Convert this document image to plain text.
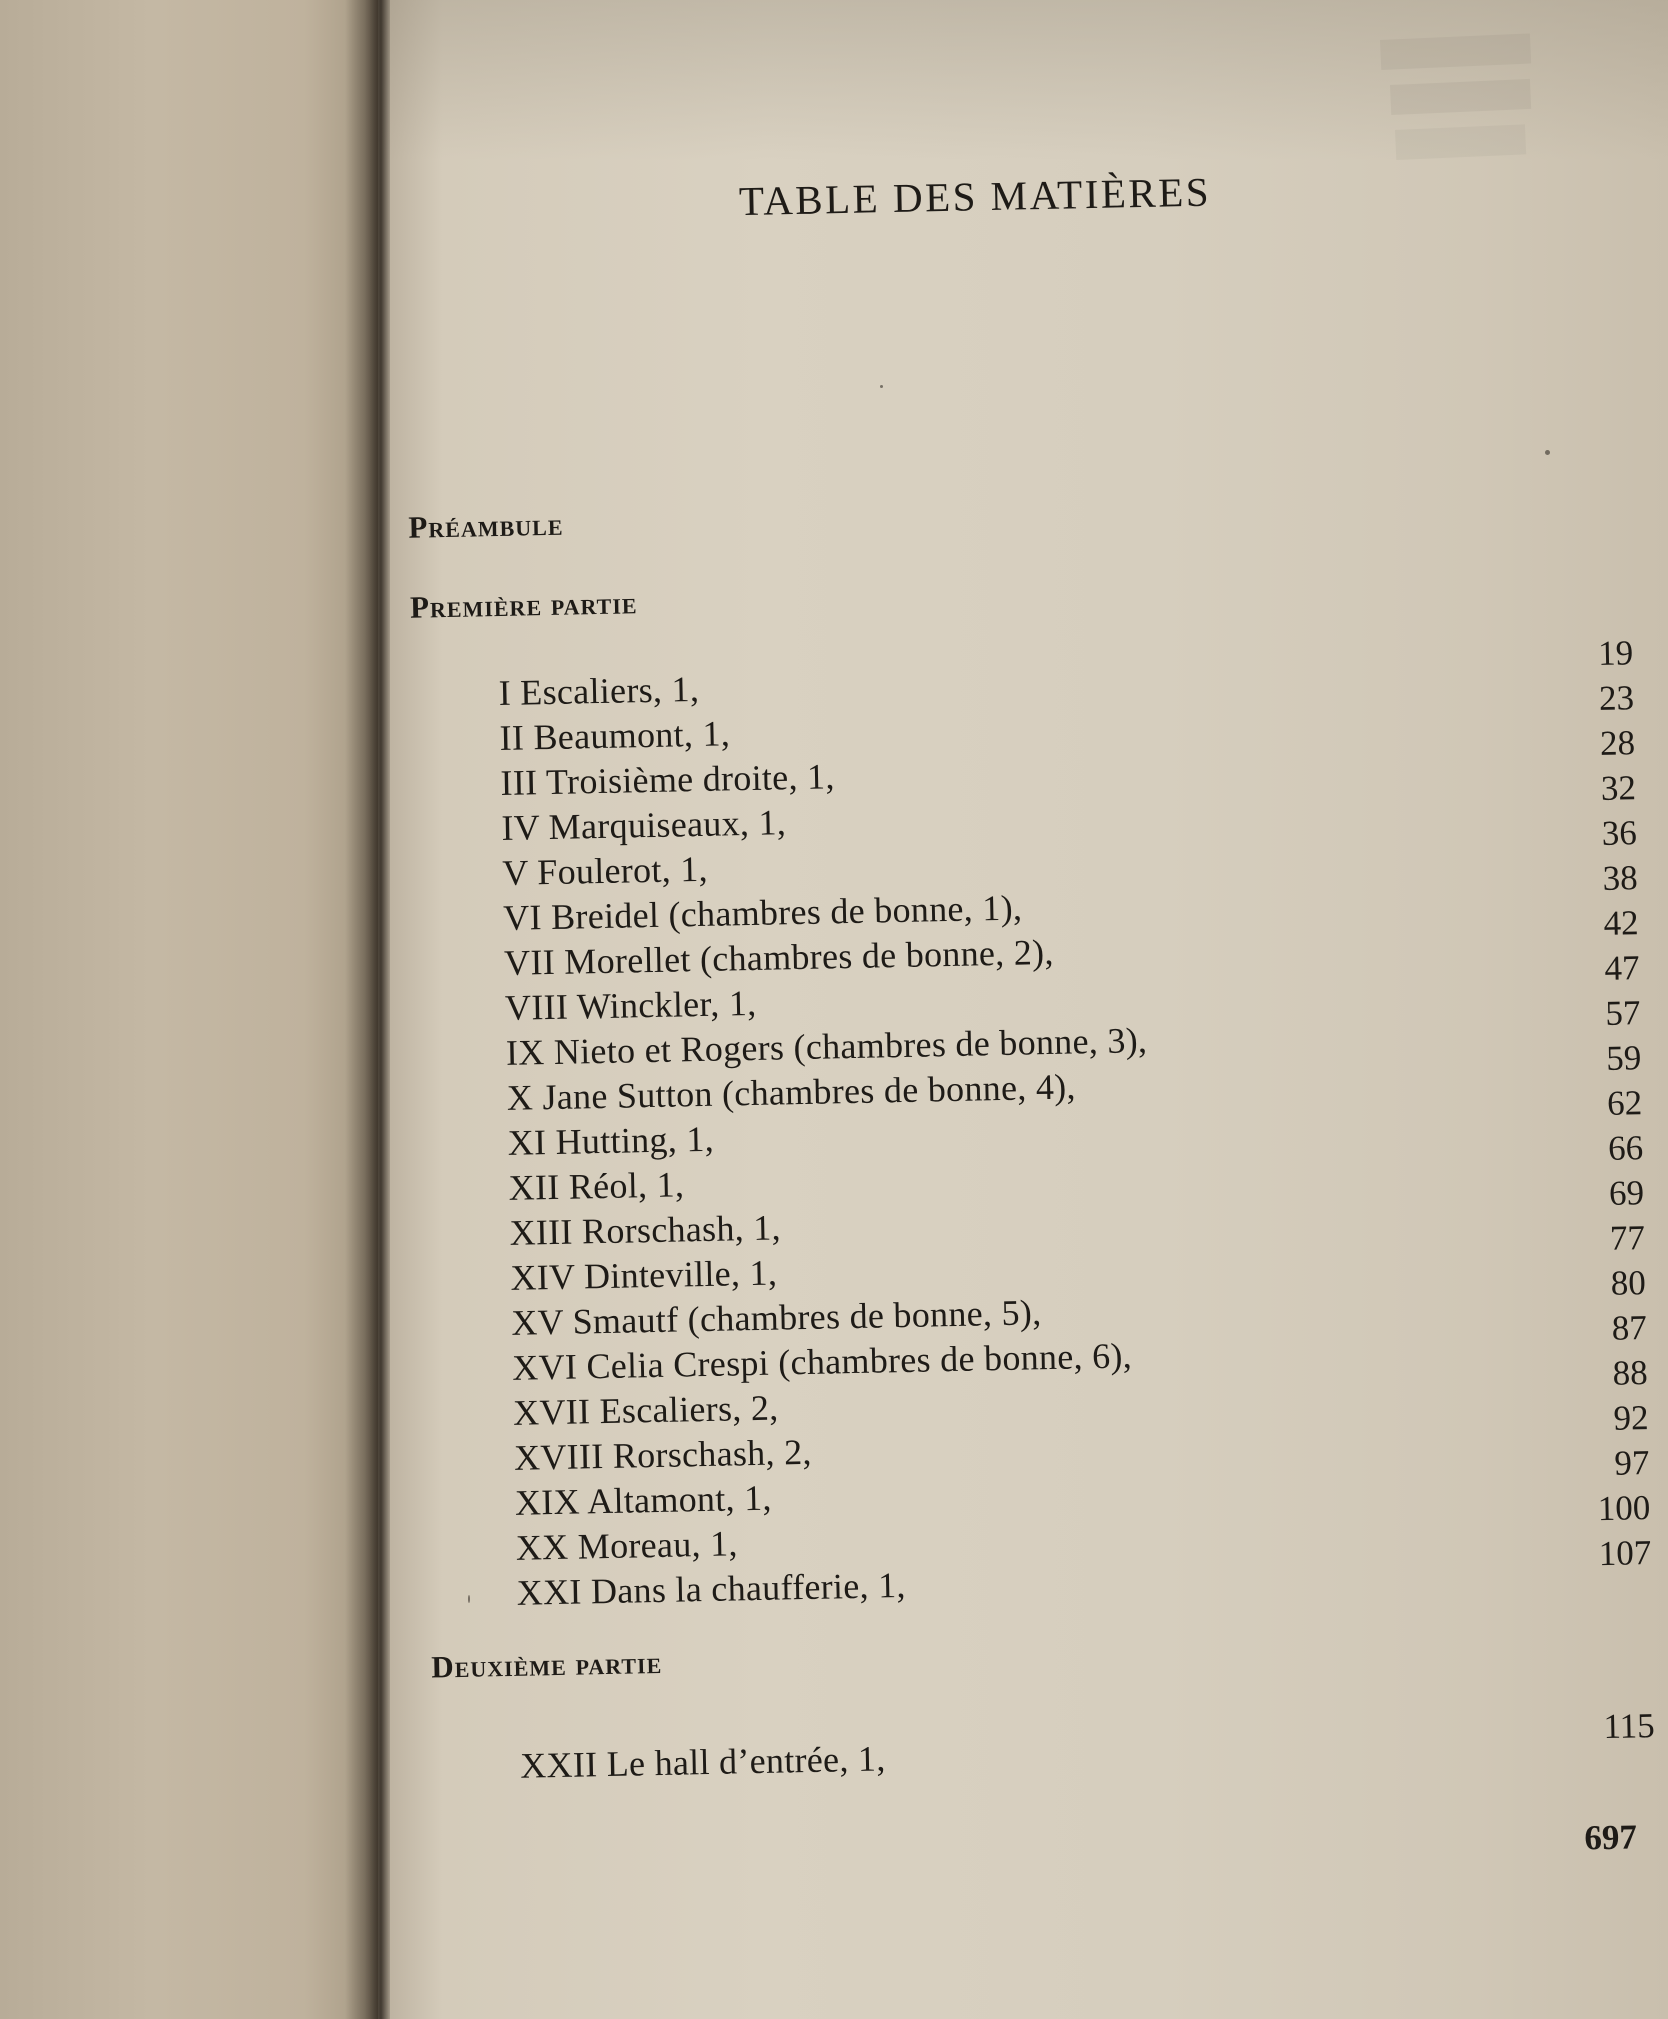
TABLE DES MATIÈRES
Préambule
Première partie
I Escaliers, 1,
19
II Beaumont, 1,
23
III Troisième droite, 1,
28
IV Marquiseaux, 1,
32
V Foulerot, 1,
36
VI Breidel (chambres de bonne, 1),
38
VII Morellet (chambres de bonne, 2),
42
VIII Winckler, 1,
47
IX Nieto et Rogers (chambres de bonne, 3),
57
X Jane Sutton (chambres de bonne, 4),
59
XI Hutting, 1,
62
XII Réol, 1,
66
XIII Rorschash, 1,
69
XIV Dinteville, 1,
77
XV Smautf (chambres de bonne, 5),
80
XVI Celia Crespi (chambres de bonne, 6),
87
XVII Escaliers, 2,
88
XVIII Rorschash, 2,
92
XIX Altamont, 1,
97
XX Moreau, 1,
100
XXI Dans la chaufferie, 1,
107
Deuxième partie
XXII Le hall d’entrée, 1,
115
697
